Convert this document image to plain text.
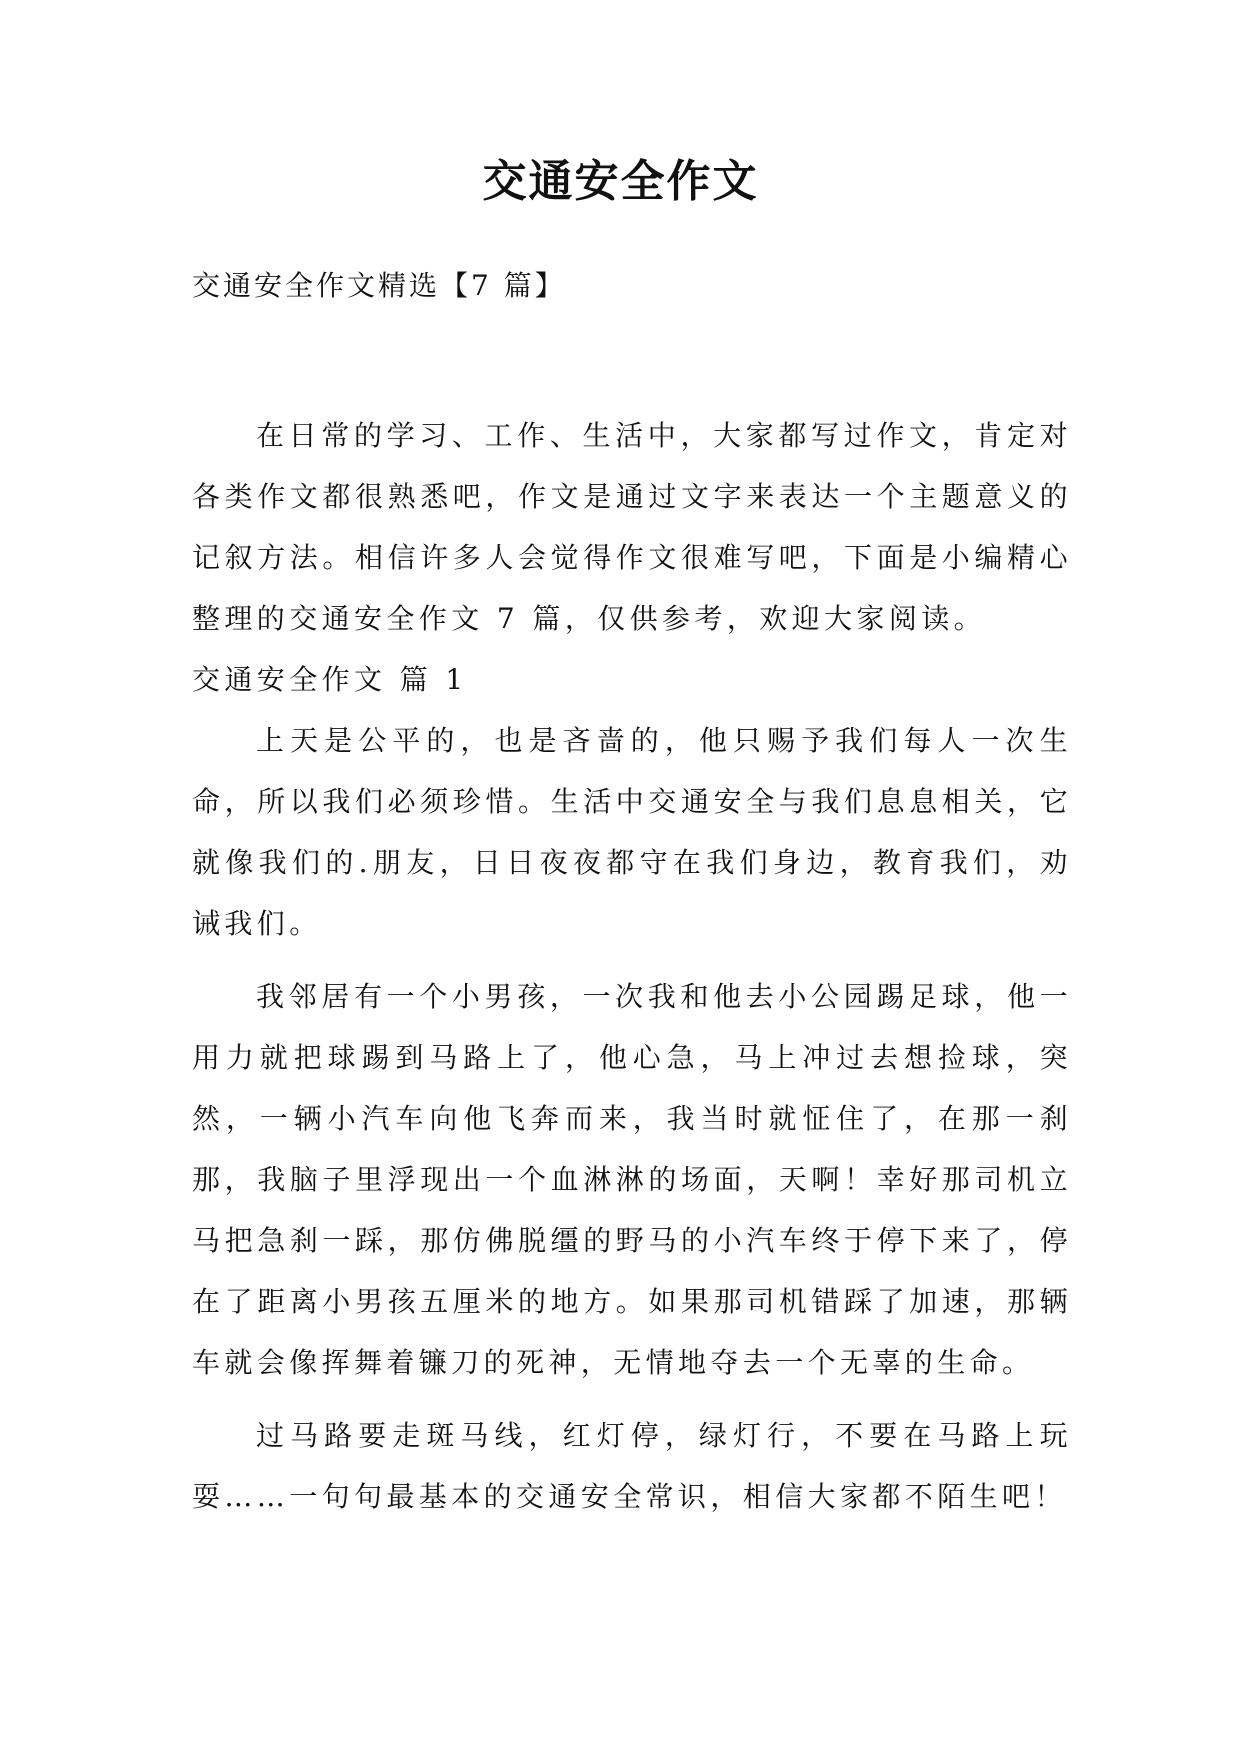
交通安全作文
交通安全作文精选【7 篇】

在日常的学习、工作、生活中，大家都写过作文，肯定对各类作文都很熟悉吧，作文是通过文字来表达一个主题意义的记叙方法。相信许多人会觉得作文很难写吧，下面是小编精心整理的交通安全作文 7 篇，仅供参考，欢迎大家阅读。

交通安全作文 篇 1

上天是公平的，也是吝啬的，他只赐予我们每人一次生命，所以我们必须珍惜。生活中交通安全与我们息息相关，它就像我们的.朋友，日日夜夜都守在我们身边，教育我们，劝诫我们。

我邻居有一个小男孩，一次我和他去小公园踢足球，他一用力就把球踢到马路上了，他心急，马上冲过去想捡球，突然，一辆小汽车向他飞奔而来，我当时就怔住了，在那一刹那，我脑子里浮现出一个血淋淋的场面，天啊！幸好那司机立马把急刹一踩，那仿佛脱缰的野马的小汽车终于停下来了，停在了距离小男孩五厘米的地方。如果那司机错踩了加速，那辆车就会像挥舞着镰刀的死神，无情地夺去一个无辜的生命。

过马路要走斑马线，红灯停，绿灯行，不要在马路上玩耍……一句句最基本的交通安全常识，相信大家都不陌生吧！
